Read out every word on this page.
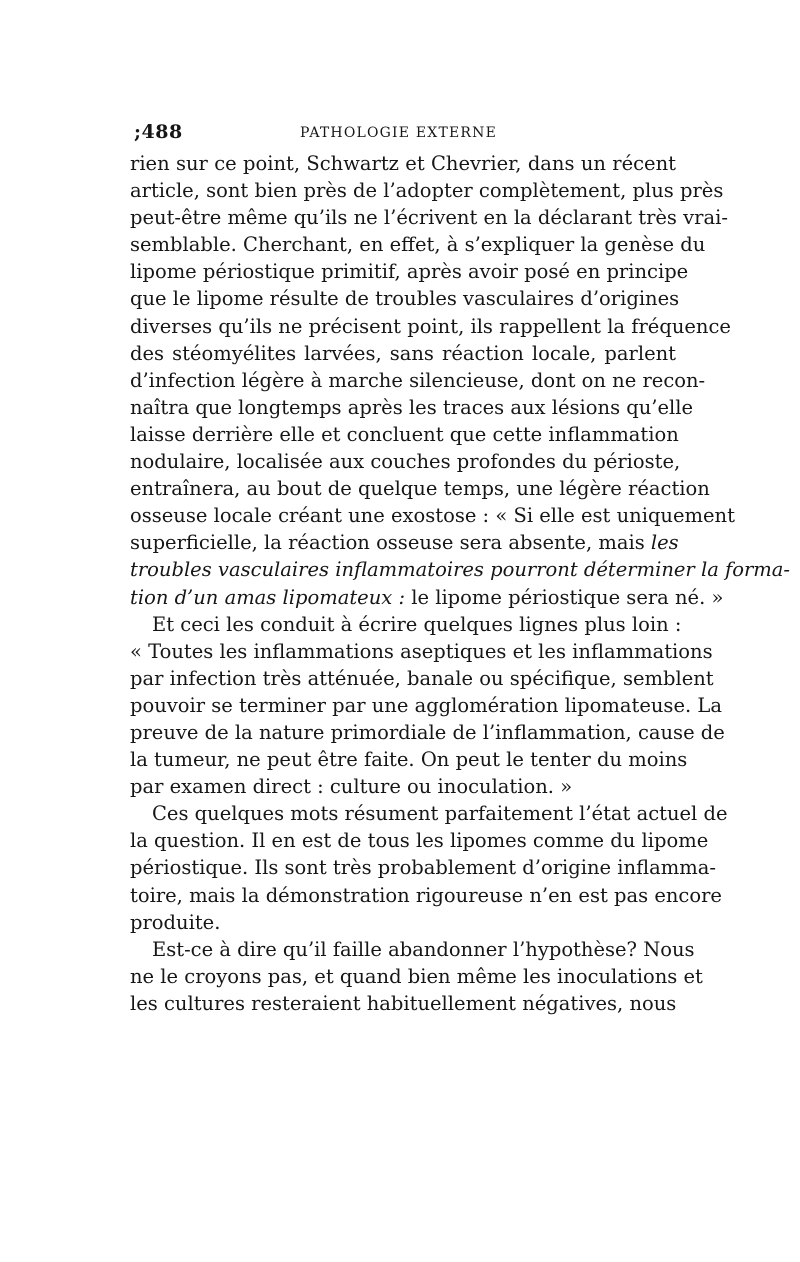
;488	PATHOLOGIE EXTERNE
rien sur ce point, Schwartz et Chevrier, dans un récent
article, sont bien près de l’adopter complètement, plus près
peut-être même qu’ils ne l’écrivent en la déclarant très vrai-
semblable. Cherchant, en effet, à s’expliquer la genèse du
lipome périostique primitif, après avoir posé en principe
que le lipome résulte de troubles vasculaires d’origines
diverses qu’ils ne précisent point, ils rappellent la fréquence
des stéomyélites larvées, sans réaction locale, parlent
d’infection légère à marche silencieuse, dont on ne recon-
naîtra que longtemps après les traces aux lésions qu’elle
laisse derrière elle et concluent que cette inflammation
nodulaire, localisée aux couches profondes du périoste,
entraînera, au bout de quelque temps, une légère réaction
osseuse locale créant une exostose : « Si elle est uniquement
superficielle, la réaction osseuse sera absente, mais les
troubles vasculaires inflammatoires pourront déterminer la forma-
tion d’un amas lipomateux : le lipome périostique sera né. »
Et ceci les conduit à écrire quelques lignes plus loin :
« Toutes les inflammations aseptiques et les inflammations
par infection très atténuée, banale ou spécifique, semblent
pouvoir se terminer par une agglomération lipomateuse. La
preuve de la nature primordiale de l’inflammation, cause de
la tumeur, ne peut être faite. On peut le tenter du moins
par examen direct : culture ou inoculation. »
Ces quelques mots résument parfaitement l’état actuel de
la question. Il en est de tous les lipomes comme du lipome
périostique. Ils sont très probablement d’origine inflamma-
toire, mais la démonstration rigoureuse n’en est pas encore
produite.
Est-ce à dire qu’il faille abandonner l’hypothèse? Nous
ne le croyons pas, et quand bien même les inoculations et
les cultures resteraient habituellement négatives, nous
